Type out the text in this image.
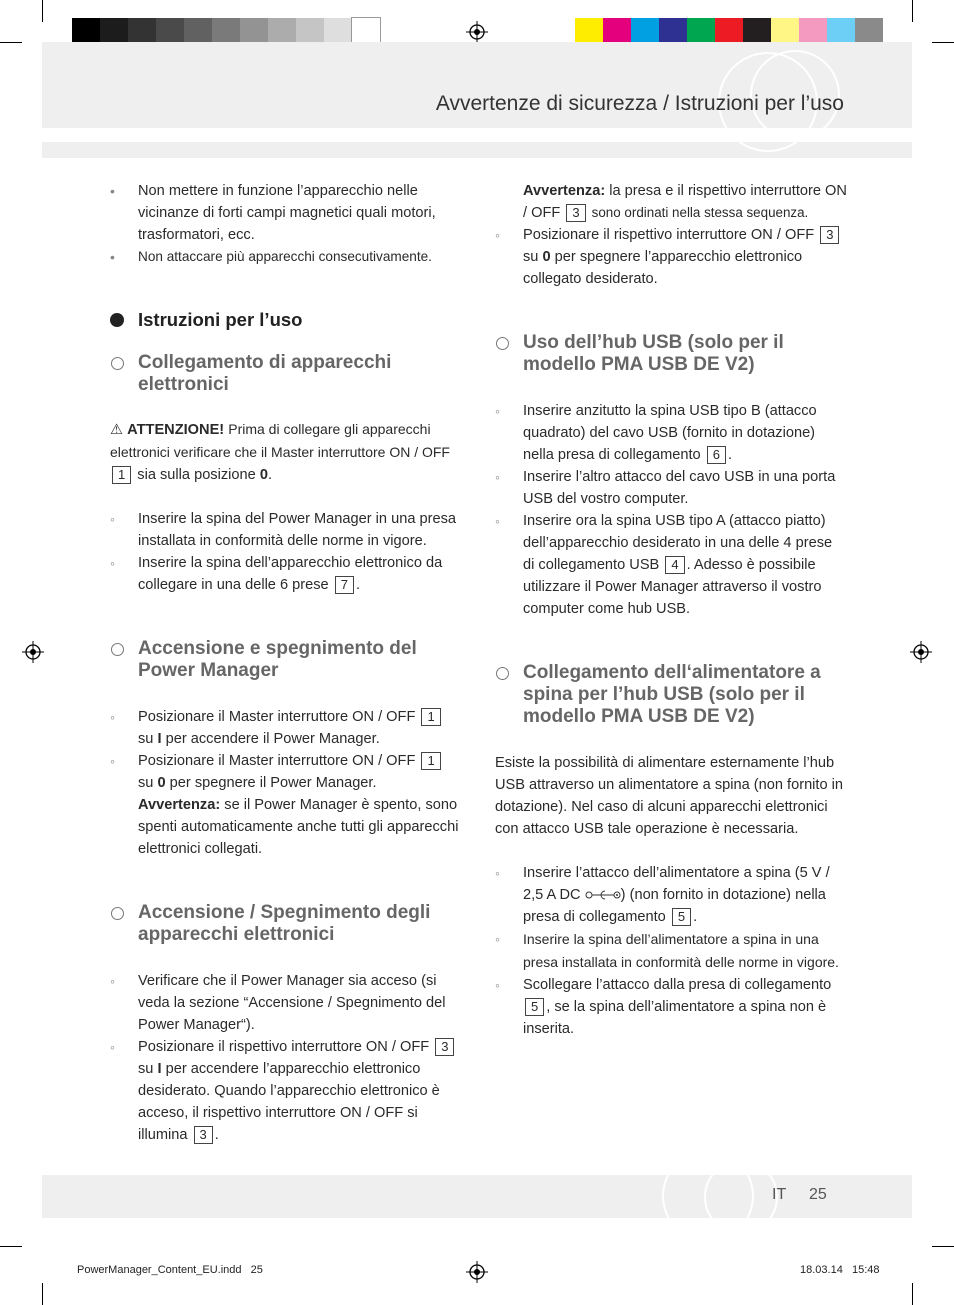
Avvertenze di sicurezza / Istruzioni per l’uso
•	Non mettere in funzione l’apparecchio nelle vicinanze di forti campi magnetici quali motori, trasformatori, ecc.
•	Non attaccare più apparecchi consecutivamente.
Istruzioni per l’uso
Collegamento di apparecchi elettronici

⚠ ATTENZIONE! Prima di collegare gli apparecchi elettronici verificare che il Master interruttore ON / OFF 1 sia sulla posizione 0.

◦	Inserire la spina del Power Manager in una presa installata in conformità delle norme in vigore.
◦	Inserire la spina dell’apparecchio elettronico da collegare in una delle 6 prese 7 .
Accensione e spegnimento del Power Manager
◦	Posizionare il Master interruttore ON / OFF 1
su I per accendere il Power Manager.
◦	Posizionare il Master interruttore ON / OFF 1
su 0 per spegnere il Power Manager.
Avvertenza: se il Power Manager è spento, sono spenti automaticamente anche tutti gli apparecchi elettronici collegati.
Accensione / Spegnimento degli apparecchi elettronici
◦	Verificare che il Power Manager sia acceso (si veda la sezione “Accensione / Spegnimento del Power Manager“).
◦	Posizionare il rispettivo interruttore ON / OFF 3
su I per accendere l’apparecchio elettronico desiderato. Quando l’apparecchio elettronico è acceso, il rispettivo interruttore ON / OFF si illumina 3 .

Avvertenza: la presa e il rispettivo interruttore ON / OFF 3 sono ordinati nella stessa sequenza.

◦	Posizionare il rispettivo interruttore ON / OFF 3
su 0 per spegnere l’apparecchio elettronico collegato desiderato.
Uso dell’hub USB (solo per il modello PMA USB DE V2)
◦	Inserire anzitutto la spina USB tipo B (attacco quadrato) del cavo USB (fornito in dotazione) nella presa di collegamento 6 .
◦	Inserire l’altro attacco del cavo USB in una porta USB del vostro computer.
◦	Inserire ora la spina USB tipo A (attacco piatto) dell’apparecchio desiderato in una delle 4 prese di collegamento USB 4 . Adesso è possibile utilizzare il Power Manager attraverso il vostro computer come hub USB.
Collegamento dell‘alimentatore a spina per l’hub USB (solo per il modello PMA USB DE V2)

Esiste la possibilità di alimentare esternamente l’hub USB attraverso un alimentatore a spina (non fornito in dotazione). Nel caso di alcuni apparecchi elettronici con attacco USB tale operazione è necessaria.

◦	Inserire l’attacco dell’alimentatore a spina (5 V / 2,5 A DC	) (non fornito in dotazione) nella presa di collegamento 5 .
◦	Inserire la spina dell’alimentatore a spina in una presa installata in conformità delle norme in vigore.
◦	Scollegare l’attacco dalla presa di collegamento 5 , se la spina dell’alimentatore a spina non è inserita.
IT 25
PowerManager_Content_EU.indd   25	18.03.14   15:48
